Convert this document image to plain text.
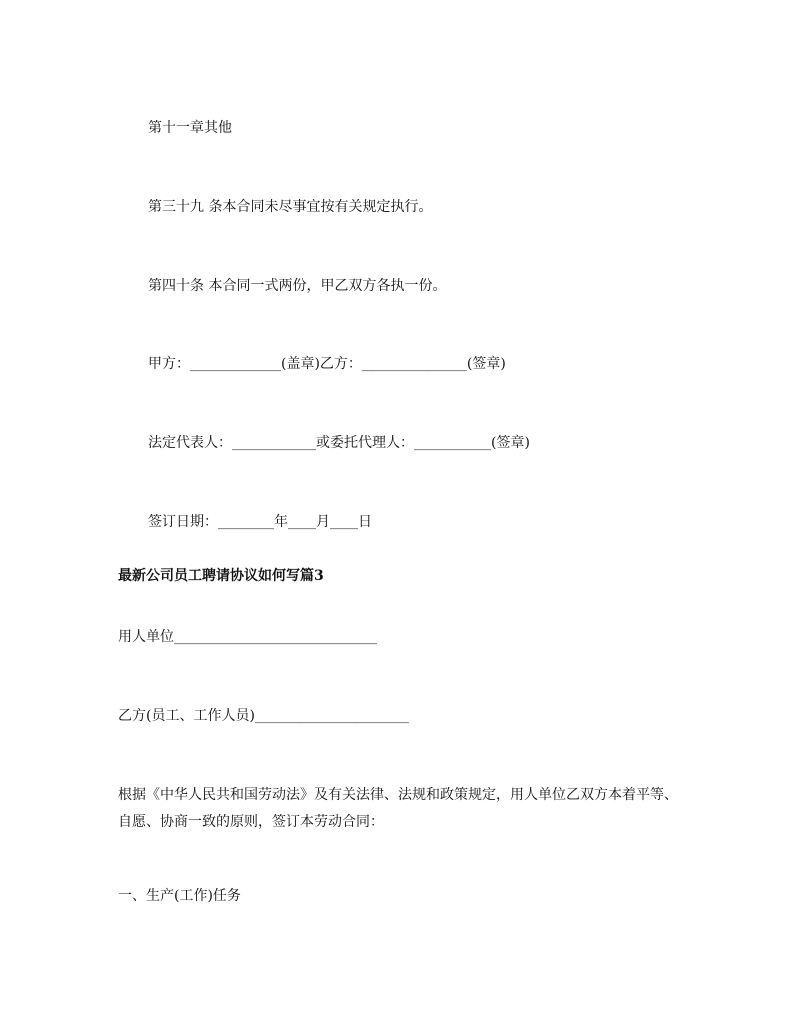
第十一章其他
第三十九 条本合同未尽事宜按有关规定执行。
第四十条 本合同一式两份，甲乙双方各执一份。
甲方：_____________(盖章)乙方：_______________(签章)
法定代表人：____________或委托代理人：___________(签章)
签订日期：________年____月____日
最新公司员工聘请协议如何写篇3
用人单位_____________________________
乙方(员工、工作人员)______________________
根据《中华人民共和国劳动法》及有关法律、法规和政策规定，用人单位乙双方本着平等、自愿、协商一致的原则，签订本劳动合同：
一、生产(工作)任务
